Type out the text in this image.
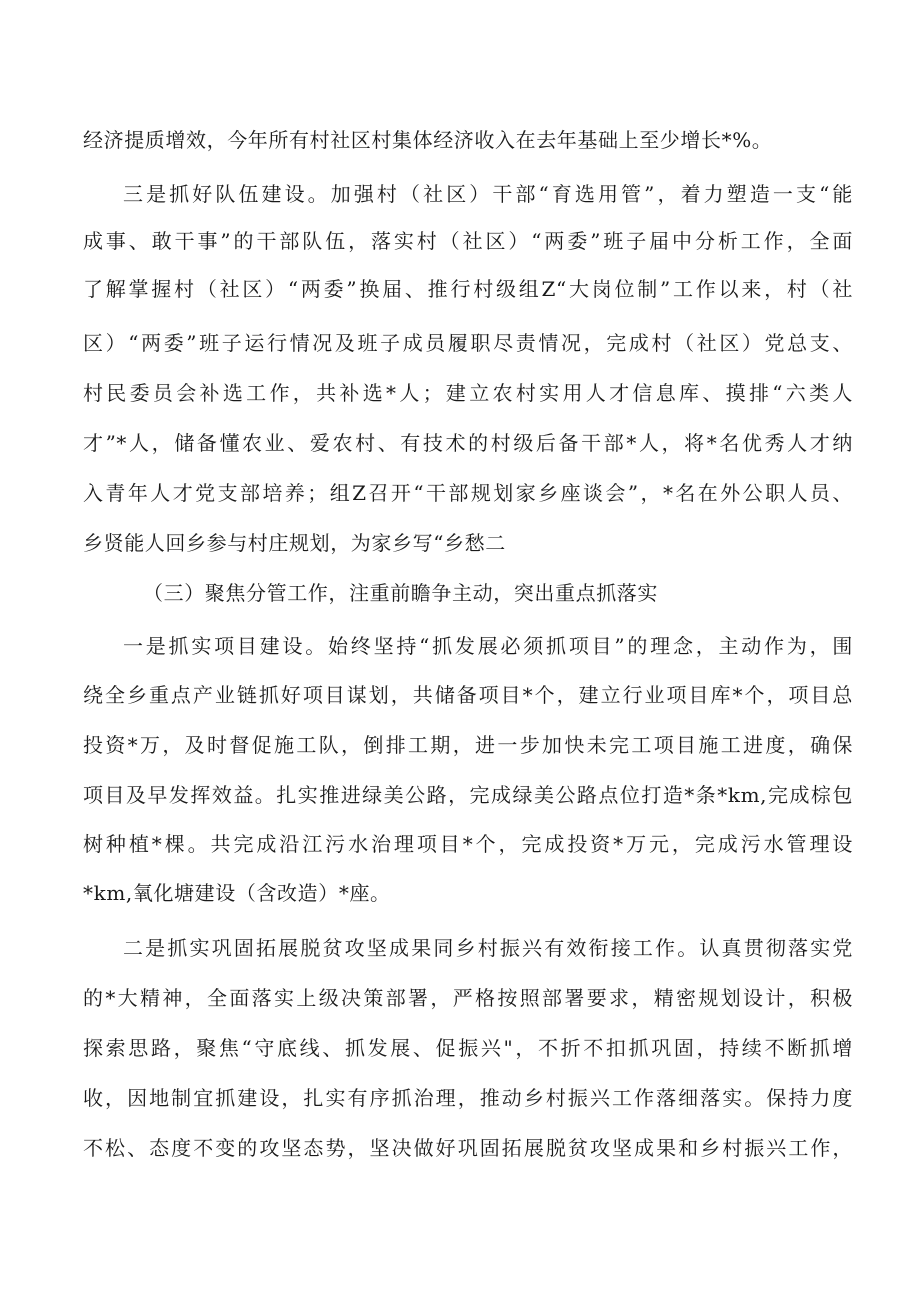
经济提质增效，今年所有村社区村集体经济收入在去年基础上至少增长*%。
三是抓好队伍建设。加强村（社区）干部“育选用管”，着力塑造一支“能
成事、敢干事”的干部队伍，落实村（社区）“两委”班子届中分析工作，全面
了解掌握村（社区）“两委”换届、推行村级组Z“大岗位制”工作以来，村（社
区）“两委”班子运行情况及班子成员履职尽责情况，完成村（社区）党总支、
村民委员会补选工作，共补选*人；建立农村实用人才信息库、摸排“六类人
才”*人，储备懂农业、爱农村、有技术的村级后备干部*人，将*名优秀人才纳
入青年人才党支部培养；组Z召开“干部规划家乡座谈会”，*名在外公职人员、
乡贤能人回乡参与村庄规划，为家乡写“乡愁二
（三）聚焦分管工作，注重前瞻争主动，突出重点抓落实
一是抓实项目建设。始终坚持“抓发展必须抓项目”的理念，主动作为，围
绕全乡重点产业链抓好项目谋划，共储备项目*个，建立行业项目库*个，项目总
投资*万，及时督促施工队，倒排工期，进一步加快未完工项目施工进度，确保
项目及早发挥效益。扎实推进绿美公路，完成绿美公路点位打造*条*km,完成棕包
树种植*棵。共完成沿江污水治理项目*个，完成投资*万元，完成污水管理设
*km,氧化塘建设（含改造）*座。
二是抓实巩固拓展脱贫攻坚成果同乡村振兴有效衔接工作。认真贯彻落实党
的*大精神，全面落实上级决策部署，严格按照部署要求，精密规划设计，积极
探索思路，聚焦“守底线、抓发展、促振兴"，不折不扣抓巩固，持续不断抓增
收，因地制宜抓建设，扎实有序抓治理，推动乡村振兴工作落细落实。保持力度
不松、态度不变的攻坚态势，坚决做好巩固拓展脱贫攻坚成果和乡村振兴工作，
